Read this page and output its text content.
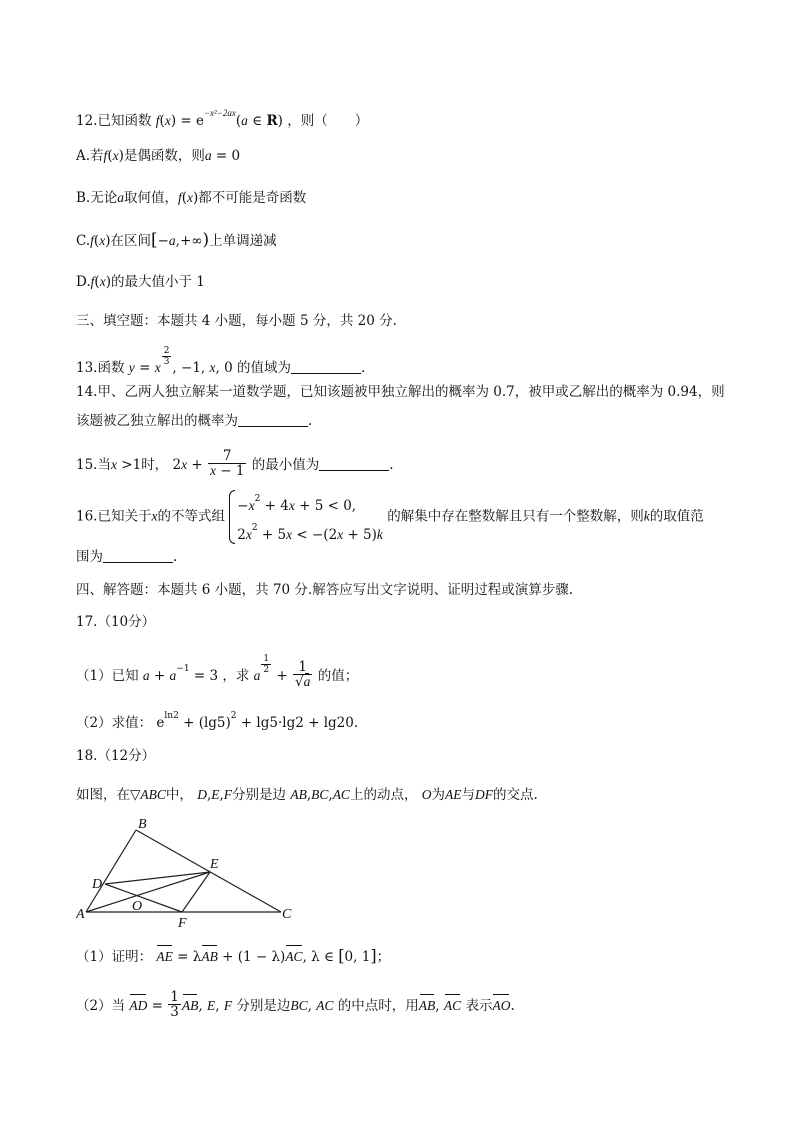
12.已知函数 $f(x) = e^{-x^2-2ax}(a$ ∈ R) ，则（　　）
A.若f(x)是偶函数，则a = 0
B.无论a取何值，f(x)都不可能是奇函数
C.f(x)在区间[−a,+∞)上单调递减
D.f(x)的最大值小于 1
三、填空题：本题共 4 小题，每小题 5 分，共 20 分.
13.函数 y = x
$\frac{2}{3}$
, −1, x, 0 的值域为	.
14.甲、乙两人独立解某一道数学题，已知该题被甲独立解出的概率为 0.7，被甲或乙解出的概率为 0.94，则
该题被乙独立解出的概率为	.
15.当x >1时， $2x + \frac{7}{x - 1}$ 的最小值为	.
16.已知关于x的不等式组
$-x^2 + 4x + 5 < 0$,
$2x^2 + 5x < -(2x + 5)k$
的解集中存在整数解且只有一个整数解，则k的取值范
围为	.
四、解答题：本题共 6 小题，共 70 分.解答应写出文字说明、证明过程或演算步骤.
17.（10分）
（1）已知 $a + a^{-1} = 3$ ，求 a
$\frac{1}{2}$
+ $\frac{1}{√a}$ 的值；
（2）求值： $e^{ln2} + (\lg 5)^2 + \lg 5\cdot\lg 2 + \lg 20$.
18.（12分）
如图，在▽ABC中， D,E,F分别是边 AB,BC,AC上的动点， O为AE与DF的交点.
B
E
D
O
A
F
C
（1）证明： AE = λAB + (1 − λ)AC, λ ∈ [0, 1]；
（2）当 AD = $\frac{1}{3}$ AB, E, F 分别是边BC, AC 的中点时，用AB, AC 表示AO.
